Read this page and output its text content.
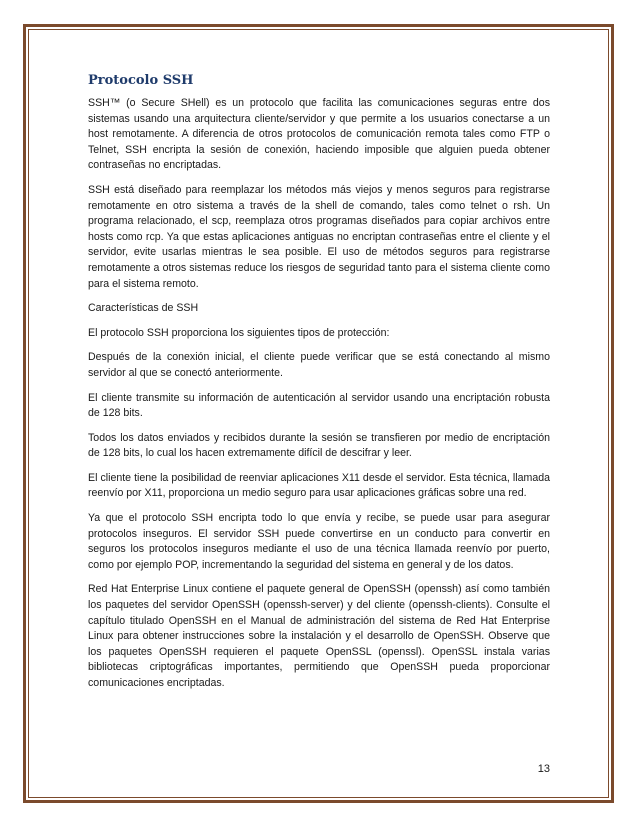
Protocolo SSH

SSH™ (o Secure SHell) es un protocolo que facilita las comunicaciones seguras entre dos sistemas usando una arquitectura cliente/servidor y que permite a los usuarios conectarse a un host remotamente. A diferencia de otros protocolos de comunicación remota tales como FTP o Telnet, SSH encripta la sesión de conexión, haciendo imposible que alguien pueda obtener contraseñas no encriptadas.

SSH está diseñado para reemplazar los métodos más viejos y menos seguros para registrarse remotamente en otro sistema a través de la shell de comando, tales como telnet o rsh. Un programa relacionado, el scp, reemplaza otros programas diseñados para copiar archivos entre hosts como rcp. Ya que estas aplicaciones antiguas no encriptan contraseñas entre el cliente y el servidor, evite usarlas mientras le sea posible. El uso de métodos seguros para registrarse remotamente a otros sistemas reduce los riesgos de seguridad tanto para el sistema cliente como para el sistema remoto.

Características de SSH

El protocolo SSH proporciona los siguientes tipos de protección:

Después de la conexión inicial, el cliente puede verificar que se está conectando al mismo servidor al que se conectó anteriormente.

El cliente transmite su información de autenticación al servidor usando una encriptación robusta de 128 bits.

Todos los datos enviados y recibidos durante la sesión se transfieren por medio de encriptación de 128 bits, lo cual los hacen extremamente difícil de descifrar y leer.

El cliente tiene la posibilidad de reenviar aplicaciones X11 desde el servidor. Esta técnica, llamada reenvío por X11, proporciona un medio seguro para usar aplicaciones gráficas sobre una red.

Ya que el protocolo SSH encripta todo lo que envía y recibe, se puede usar para asegurar protocolos inseguros. El servidor SSH puede convertirse en un conducto para convertir en seguros los protocolos inseguros mediante el uso de una técnica llamada reenvío por puerto, como por ejemplo POP, incrementando la seguridad del sistema en general y de los datos.

Red Hat Enterprise Linux contiene el paquete general de OpenSSH (openssh) así como también los paquetes del servidor OpenSSH (openssh-server) y del cliente (openssh-clients). Consulte el capítulo titulado OpenSSH en el Manual de administración del sistema de Red Hat Enterprise Linux para obtener instrucciones sobre la instalación y el desarrollo de OpenSSH. Observe que los paquetes OpenSSH requieren el paquete OpenSSL (openssl). OpenSSL instala varias bibliotecas criptográficas importantes, permitiendo que OpenSSH pueda proporcionar comunicaciones encriptadas.

13
